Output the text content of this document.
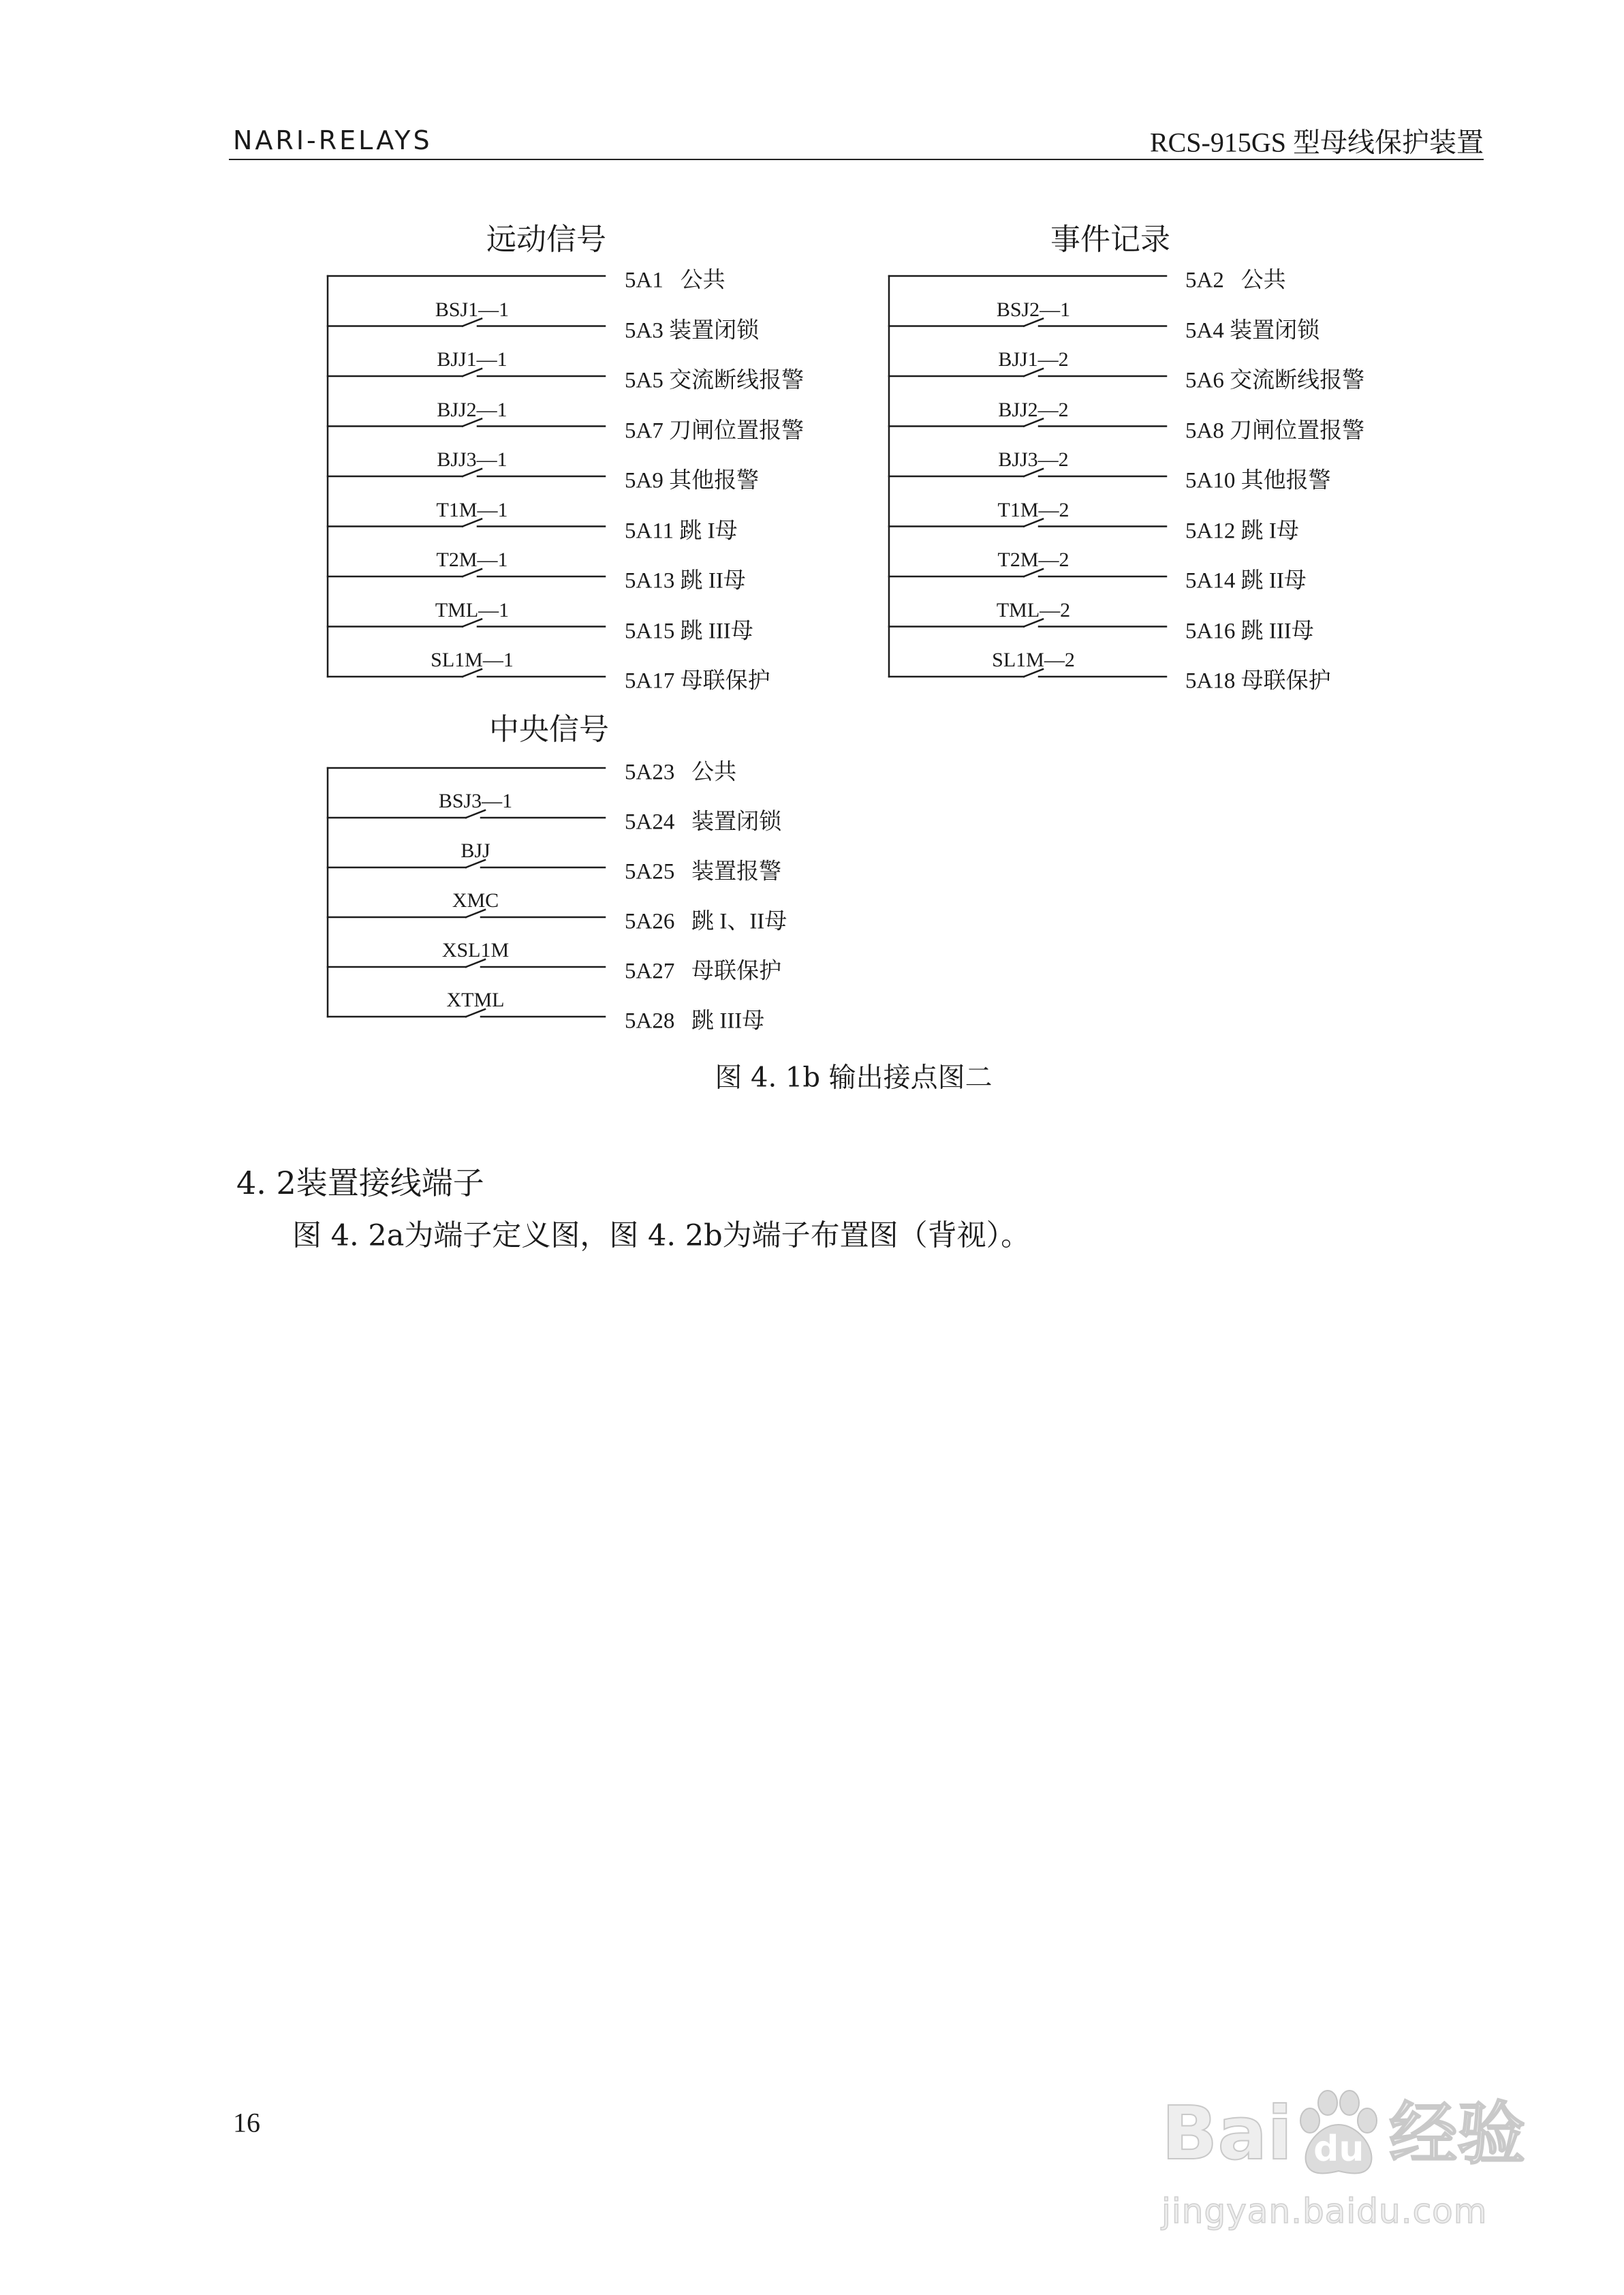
NARI-RELAYS	RCS-915GS 型母线保护装置
远动信号
5A1   公共
BSJ1—1
5A3 装置闭锁
BJJ1—1
5A5 交流断线报警
BJJ2—1
5A7 刀闸位置报警
BJJ3—1
5A9 其他报警
T1M—1
5A11 跳 I母
T2M—1
5A13 跳 II母
TML—1
5A15 跳 III母
SL1M—1
5A17 母联保护
事件记录
5A2   公共
BSJ2—1
5A4 装置闭锁
BJJ1—2
5A6 交流断线报警
BJJ2—2
5A8 刀闸位置报警
BJJ3—2
5A10 其他报警
T1M—2
5A12 跳 I母
T2M—2
5A14 跳 II母
TML—2
5A16 跳 III母
SL1M—2
5A18 母联保护
中央信号
5A23   公共
BSJ3—1
5A24   装置闭锁
BJJ
5A25   装置报警
XMC
5A26   跳 I、II母
XSL1M
5A27   母联保护
XTML
5A28   跳 III母
图 4. 1b 输出接点图二
4. 2装置接线端子
图 4. 2a为端子定义图，图 4. 2b为端子布置图（背视）。
16	Bai du 经验
jingyan.baidu.com
